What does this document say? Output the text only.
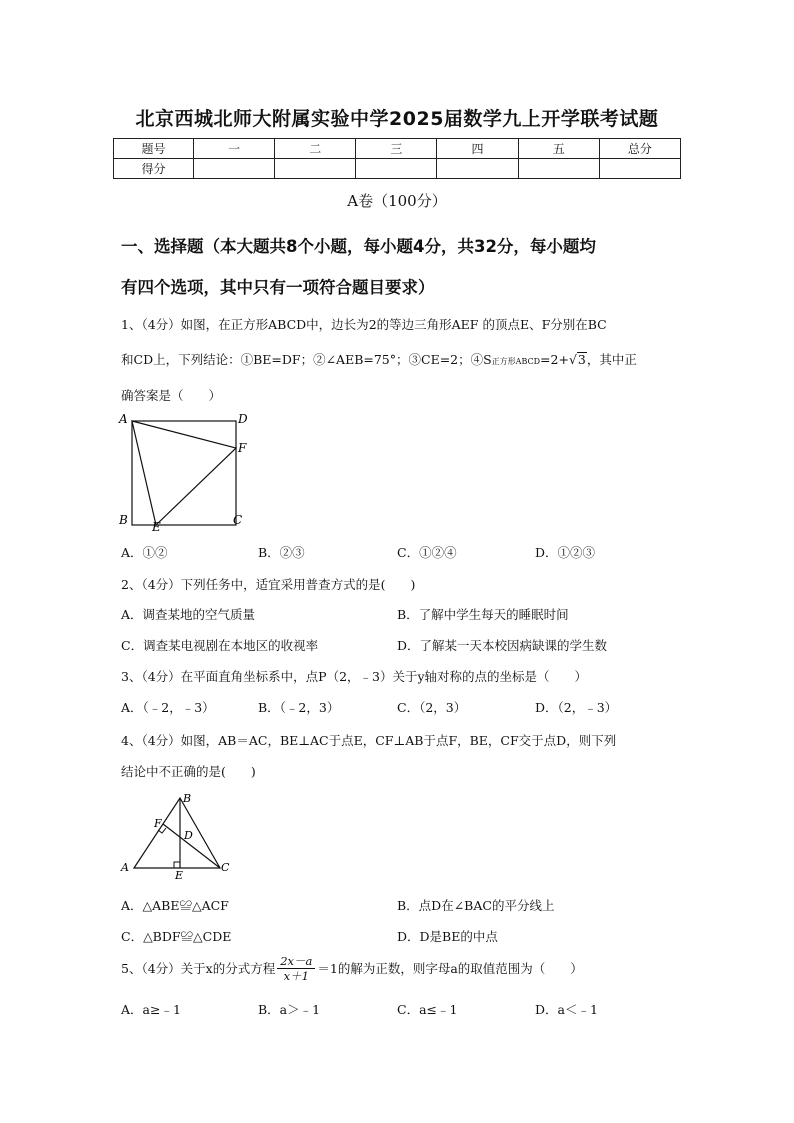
北京西城北师大附属实验中学2025届数学九上开学联考试题
题号	一	二	三	四	五	总分
得分						
A卷（100分）
一、选择题（本大题共8个小题，每小题4分，共32分，每小题均
有四个选项，其中只有一项符合题目要求）
1、（4分）如图，在正方形ABCD中，边长为2的等边三角形AEF 的顶点E、F分别在BC
和CD上，下列结论：①BE=DF；②∠AEB=75°；③CE=2；④S正方形ABCD=2+√3，其中正
确答案是（　　）
A	D
F
B E	C
A．①②	B．②③	C．①②④	D．①②③
2、（4分）下列任务中，适宜采用普查方式的是(　　)
A．调查某地的空气质量	B．了解中学生每天的睡眠时间
C．调查某电视剧在本地区的收视率	D．了解某一天本校因病缺课的学生数
3、（4分）在平面直角坐标系中，点P（2，﹣3）关于y轴对称的点的坐标是（　　）
A．（﹣2，﹣3）	B．（﹣2，3）	C．（2，3）	D．（2，﹣3）
4、（4分）如图，AB＝AC，BE⊥AC于点E，CF⊥AB于点F，BE，CF交于点D，则下列
结论中不正确的是(　　)
B
F
D
A
E
C
A．△ABE≌△ACF	B．点D在∠BAC的平分线上
C．△BDF≌△CDE	D．D是BE的中点
5、（4分）关于x的分式方程 $\frac{2x-a}{x+1} =1$的解为正数，则字母a的取值范围为（　　）
A．a≥﹣1	B．a＞﹣1	C．a≤﹣1	D．a＜﹣1
